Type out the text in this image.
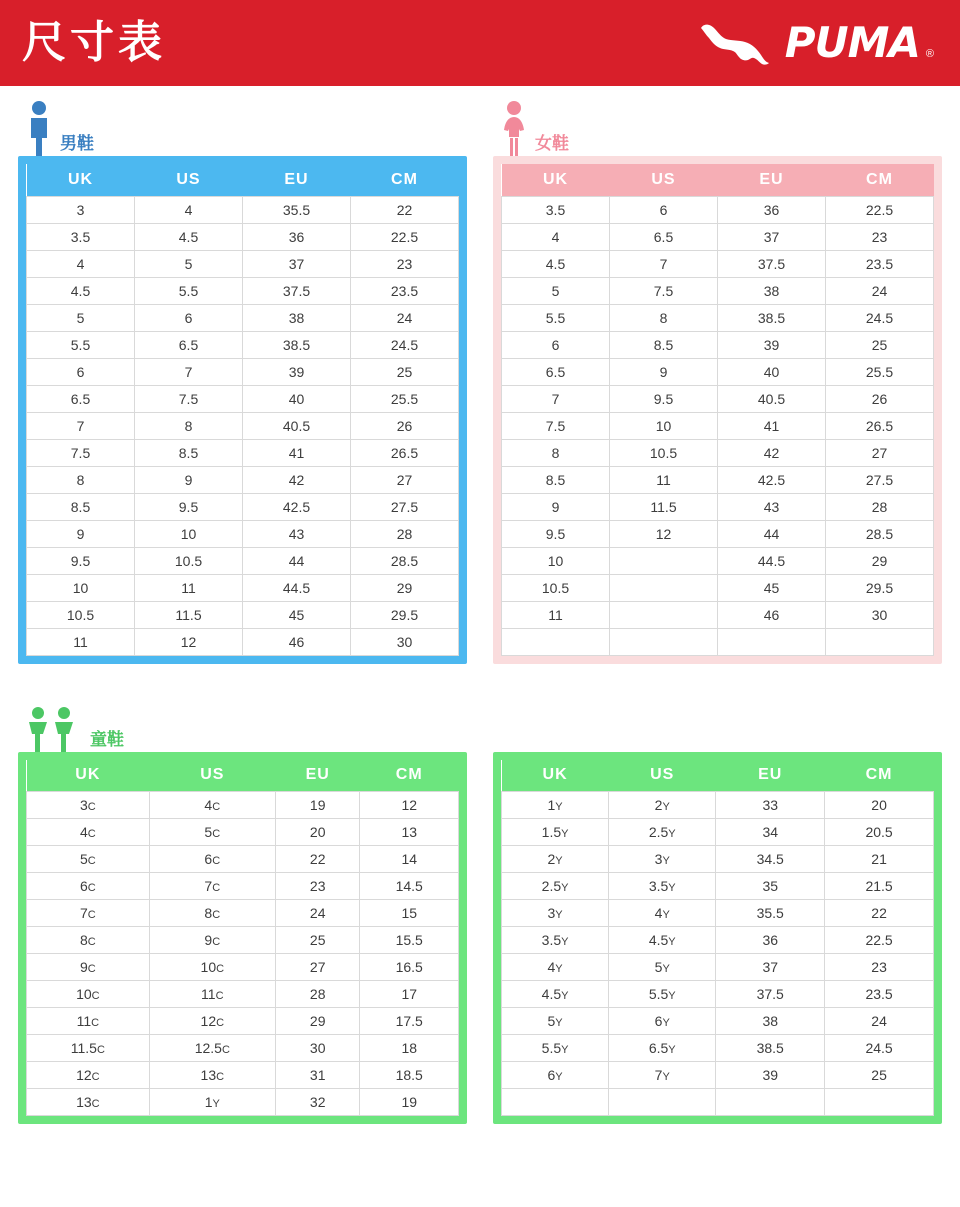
尺寸表	PUMA ®
男鞋
UK	US	EU	CM
3	4	35.5	22
3.5	4.5	36	22.5
4	5	37	23
4.5	5.5	37.5	23.5
5	6	38	24
5.5	6.5	38.5	24.5
6	7	39	25
6.5	7.5	40	25.5
7	8	40.5	26
7.5	8.5	41	26.5
8	9	42	27
8.5	9.5	42.5	27.5
9	10	43	28
9.5	10.5	44	28.5
10	11	44.5	29
10.5	11.5	45	29.5
11	12	46	30
女鞋
UK	US	EU	CM
3.5	6	36	22.5
4	6.5	37	23
4.5	7	37.5	23.5
5	7.5	38	24
5.5	8	38.5	24.5
6	8.5	39	25
6.5	9	40	25.5
7	9.5	40.5	26
7.5	10	41	26.5
8	10.5	42	27
8.5	11	42.5	27.5
9	11.5	43	28
9.5	12	44	28.5
10		44.5	29
10.5		45	29.5
11		46	30

童鞋
UK	US	EU	CM
3C	4C	19	12
4C	5C	20	13
5C	6C	22	14
6C	7C	23	14.5
7C	8C	24	15
8C	9C	25	15.5
9C	10C	27	16.5
10C	11C	28	17
11C	12C	29	17.5
11.5C	12.5C	30	18
12C	13C	31	18.5
13C	1Y	32	19
UK	US	EU	CM
1Y	2Y	33	20
1.5Y	2.5Y	34	20.5
2Y	3Y	34.5	21
2.5Y	3.5Y	35	21.5
3Y	4Y	35.5	22
3.5Y	4.5Y	36	22.5
4Y	5Y	37	23
4.5Y	5.5Y	37.5	23.5
5Y	6Y	38	24
5.5Y	6.5Y	38.5	24.5
6Y	7Y	39	25
